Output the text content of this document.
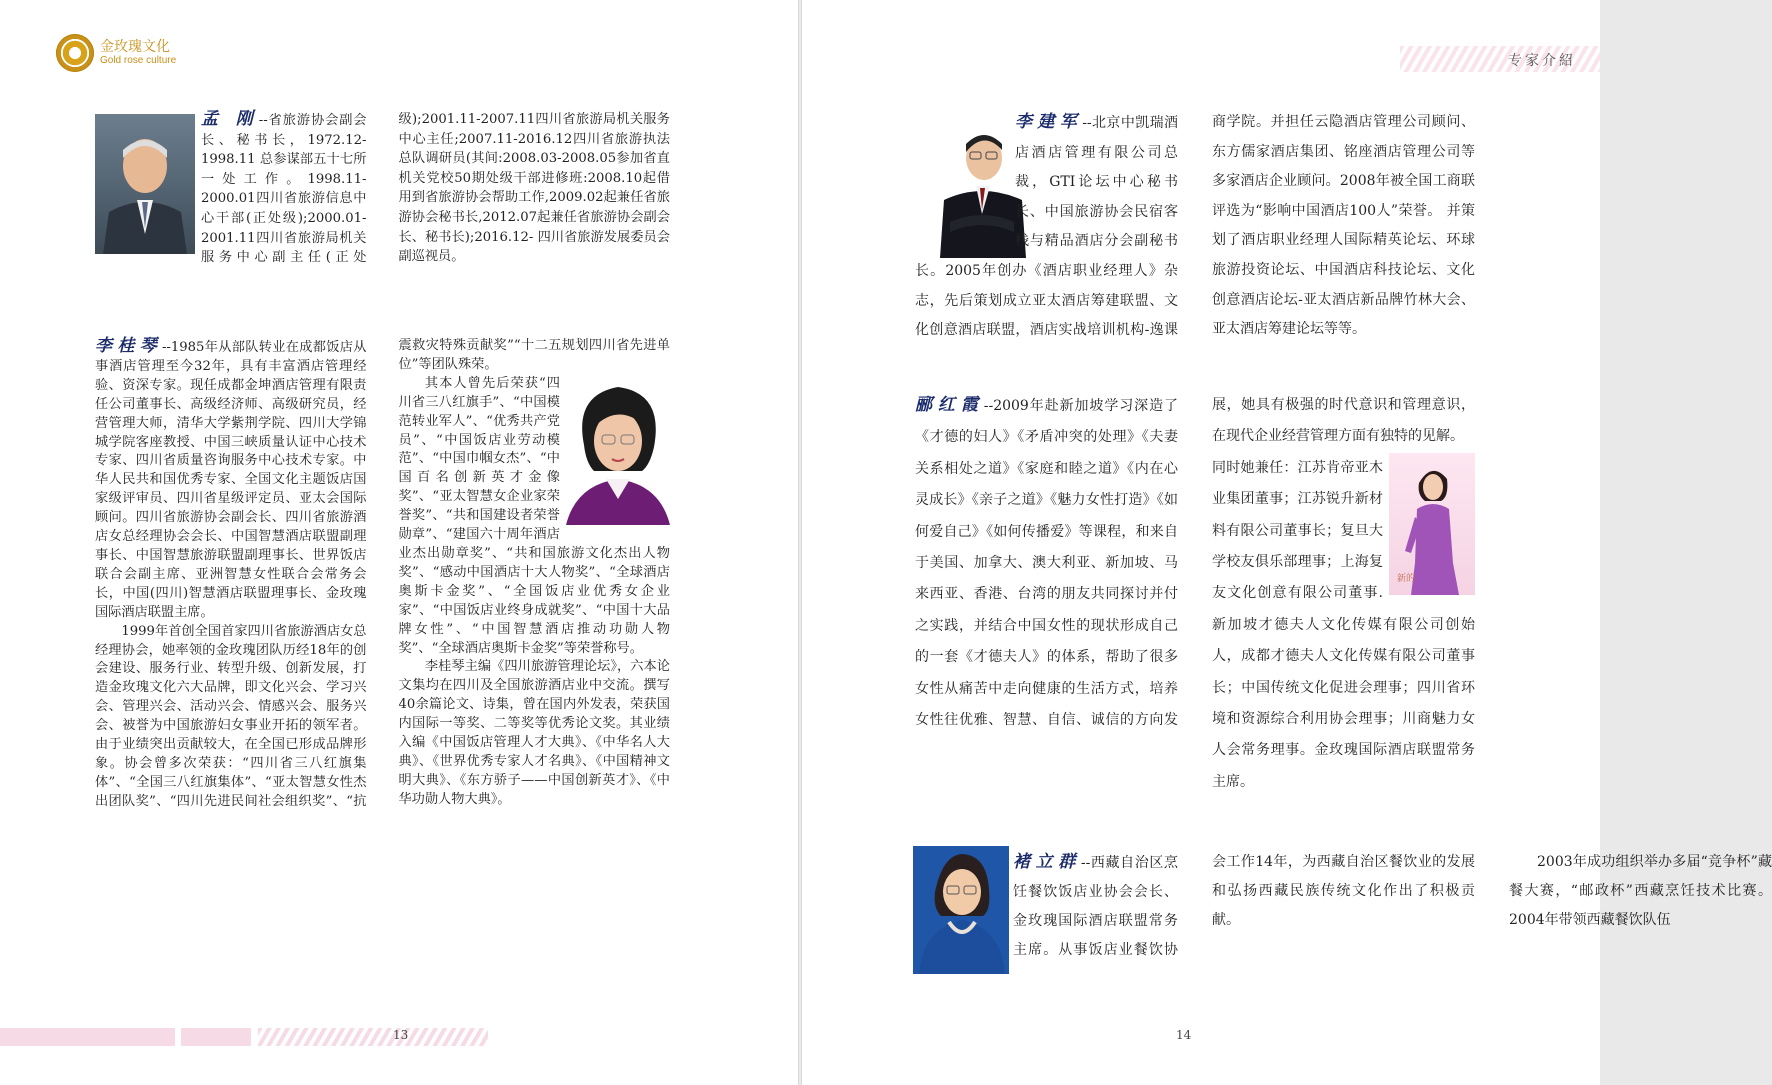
金玫瑰文化
Gold rose culture

孟 刚--省旅游协会副会长、秘书长，1972.12-1998.11 总参谋部五十七所一处工作。1998.11-2000.01四川省旅游信息中心干部(正处级);2000.01-2001.11四川省旅游局机关服务中心副主任(正处级);2001.11-2007.11四川省旅游局机关服务中心主任;2007.11-2016.12四川省旅游执法总队调研员(其间:2008.03-2008.05参加省直机关党校50期处级干部进修班:2008.10起借用到省旅游协会帮助工作,2009.02起兼任省旅游协会秘书长,2012.07起兼任省旅游协会副会长、秘书长);2016.12- 四川省旅游发展委员会副巡视员。

李桂琴--1985年从部队转业在成都饭店从事酒店管理至今32年，具有丰富酒店管理经验、资深专家。现任成都金坤酒店管理有限责任公司董事长、高级经济师、高级研究员，经营管理大师，清华大学紫荆学院、四川大学锦城学院客座教授、中国三峡质量认证中心技术专家、四川省质量咨询服务中心技术专家。中华人民共和国优秀专家、全国文化主题饭店国家级评审员、四川省星级评定员、亚太会国际顾问。四川省旅游协会副会长、四川省旅游酒店女总经理协会会长、中国智慧酒店联盟副理事长、中国智慧旅游联盟副理事长、世界饭店联合会副主席、亚洲智慧女性联合会常务会长，中国(四川)智慧酒店联盟理事长、金玫瑰国际酒店联盟主席。

1999年首创全国首家四川省旅游酒店女总经理协会，她率领的金玫瑰团队历经18年的创会建设、服务行业、转型升级、创新发展，打造金玫瑰文化六大品牌，即文化兴会、学习兴会、管理兴会、活动兴会、情感兴会、服务兴会、被誉为中国旅游妇女事业开拓的领军者。由于业绩突出贡献较大，在全国已形成品牌形象。协会曾多次荣获：“四川省三八红旗集体”、“全国三八红旗集体”、“亚太智慧女性杰出团队奖”、“四川先进民间社会组织奖”、“抗震救灾特殊贡献奖”“十二五规划四川省先进单位”等团队殊荣。

其本人曾先后荣获“四川省三八红旗手”、“中国模范转业军人”、“优秀共产党员”、“中国饭店业劳动模范”、“中国巾帼女杰”、“中国百名创新英才金像奖”、“亚太智慧女企业家荣誉奖”、“共和国建设者荣誉勋章”、“建国六十周年酒店业杰出勋章奖”、“共和国旅游文化杰出人物奖”、“感动中国酒店十大人物奖”、“全球酒店奥斯卡金奖”、“全国饭店业优秀女企业家”、“中国饭店业终身成就奖”、“中国十大品牌女性”、“中国智慧酒店推动功勋人物奖”、“全球酒店奥斯卡金奖”等荣誉称号。

李桂琴主编《四川旅游管理论坛》，六本论文集均在四川及全国旅游酒店业中交流。撰写40余篇论文、诗集，曾在国内外发表，荣获国内国际一等奖、二等奖等优秀论文奖。其业绩入编《中国饭店管理人才大典》、《中华名人大典》、《世界优秀专家人才名典》、《中国精神文明大典》、《东方骄子——中国创新英才》、《中华功勋人物大典》。

13
专家介紹

李建军--北京中凯瑞酒店酒店管理有限公司总裁，GTI论坛中心秘书长、中国旅游协会民宿客栈与精品酒店分会副秘书长。2005年创办《酒店职业经理人》杂志，先后策划成立亚太酒店筹建联盟、文化创意酒店联盟，酒店实战培训机构-逸课商学院。并担任云隐酒店管理公司顾问、东方儒家酒店集团、铭座酒店管理公司等多家酒店企业顾问。2008年被全国工商联评选为“影响中国酒店100人”荣誉。 并策划了酒店职业经理人国际精英论坛、环球旅游投资论坛、中国酒店科技论坛、文化创意酒店论坛-亚太酒店新品牌竹林大会、亚太酒店筹建论坛等等。

郦红霞--2009年赴新加坡学习深造了《才德的妇人》《矛盾冲突的处理》《夫妻关系相处之道》《家庭和睦之道》《内在心灵成长》《亲子之道》《魅力女性打造》《如何爱自己》《如何传播爱》等课程，和来自于美国、加拿大、澳大利亚、新加坡、马来西亚、香港、台湾的朋友共同探讨并付之实践，并结合中国女性的现状形成自己的一套《才德夫人》的体系，帮助了很多女性从痛苦中走向健康的生活方式，培养女性往优雅、智慧、自信、诚信的方向发展，她具有极强的时代意识和管理意识，在现代企业经营管理方面有独特的见解。

新的

同时她兼任：江苏肯帝亚木业集团董事；江苏锐升新材料有限公司董事长；复旦大学校友俱乐部理事；上海复友文化创意有限公司董事.新加坡才德夫人文化传媒有限公司创始人，成都才德夫人文化传媒有限公司董事长；中国传统文化促进会理事；四川省环境和资源综合利用协会理事；川商魅力女人会常务理事。金玫瑰国际酒店联盟常务主席。

褚立群--西藏自治区烹饪餐饮饭店业协会会长、金玫瑰国际酒店联盟常务主席。从事饭店业餐饮协会工作14年，为西藏自治区餐饮业的发展和弘扬西藏民族传统文化作出了积极贡献。

2003年成功组织举办多届“竞争杯”藏餐大赛，“邮政杯”西藏烹饪技术比赛。2004年带领西藏餐饮队伍

14
